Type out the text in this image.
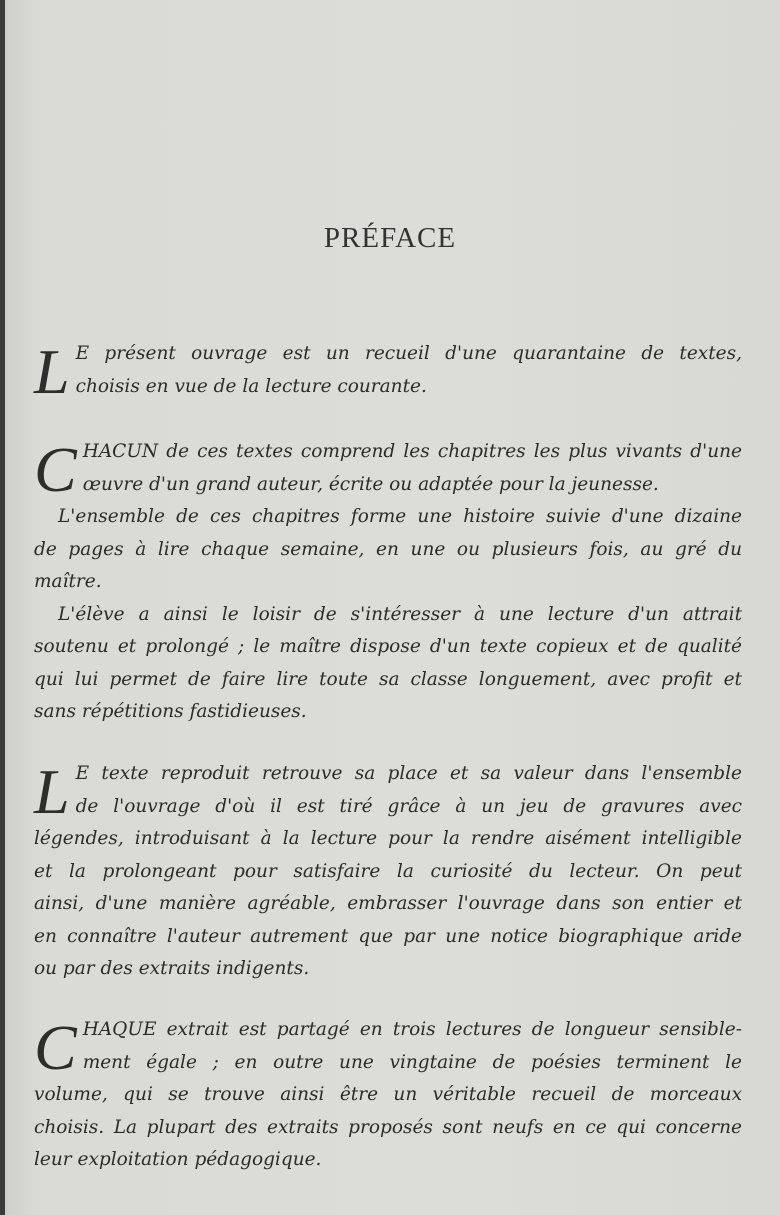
PRÉFACE
L E présent ouvrage est un recueil d'une quarantaine de textes,
choisis en vue de la lecture courante.
C HACUN de ces textes comprend les chapitres les plus vivants d'une
œuvre d'un grand auteur, écrite ou adaptée pour la jeunesse.
L'ensemble de ces chapitres forme une histoire suivie d'une dizaine
de pages à lire chaque semaine, en une ou plusieurs fois, au gré du
maître.
L'élève a ainsi le loisir de s'intéresser à une lecture d'un attrait
soutenu et prolongé ; le maître dispose d'un texte copieux et de qualité
qui lui permet de faire lire toute sa classe longuement, avec profit et
sans répétitions fastidieuses.
L E texte reproduit retrouve sa place et sa valeur dans l'ensemble
de l'ouvrage d'où il est tiré grâce à un jeu de gravures avec
légendes, introduisant à la lecture pour la rendre aisément intelligible
et la prolongeant pour satisfaire la curiosité du lecteur. On peut
ainsi, d'une manière agréable, embrasser l'ouvrage dans son entier et
en connaître l'auteur autrement que par une notice biographique aride
ou par des extraits indigents.
C HAQUE extrait est partagé en trois lectures de longueur sensible-
ment égale ; en outre une vingtaine de poésies terminent le
volume, qui se trouve ainsi être un véritable recueil de morceaux
choisis. La plupart des extraits proposés sont neufs en ce qui concerne
leur exploitation pédagogique.
